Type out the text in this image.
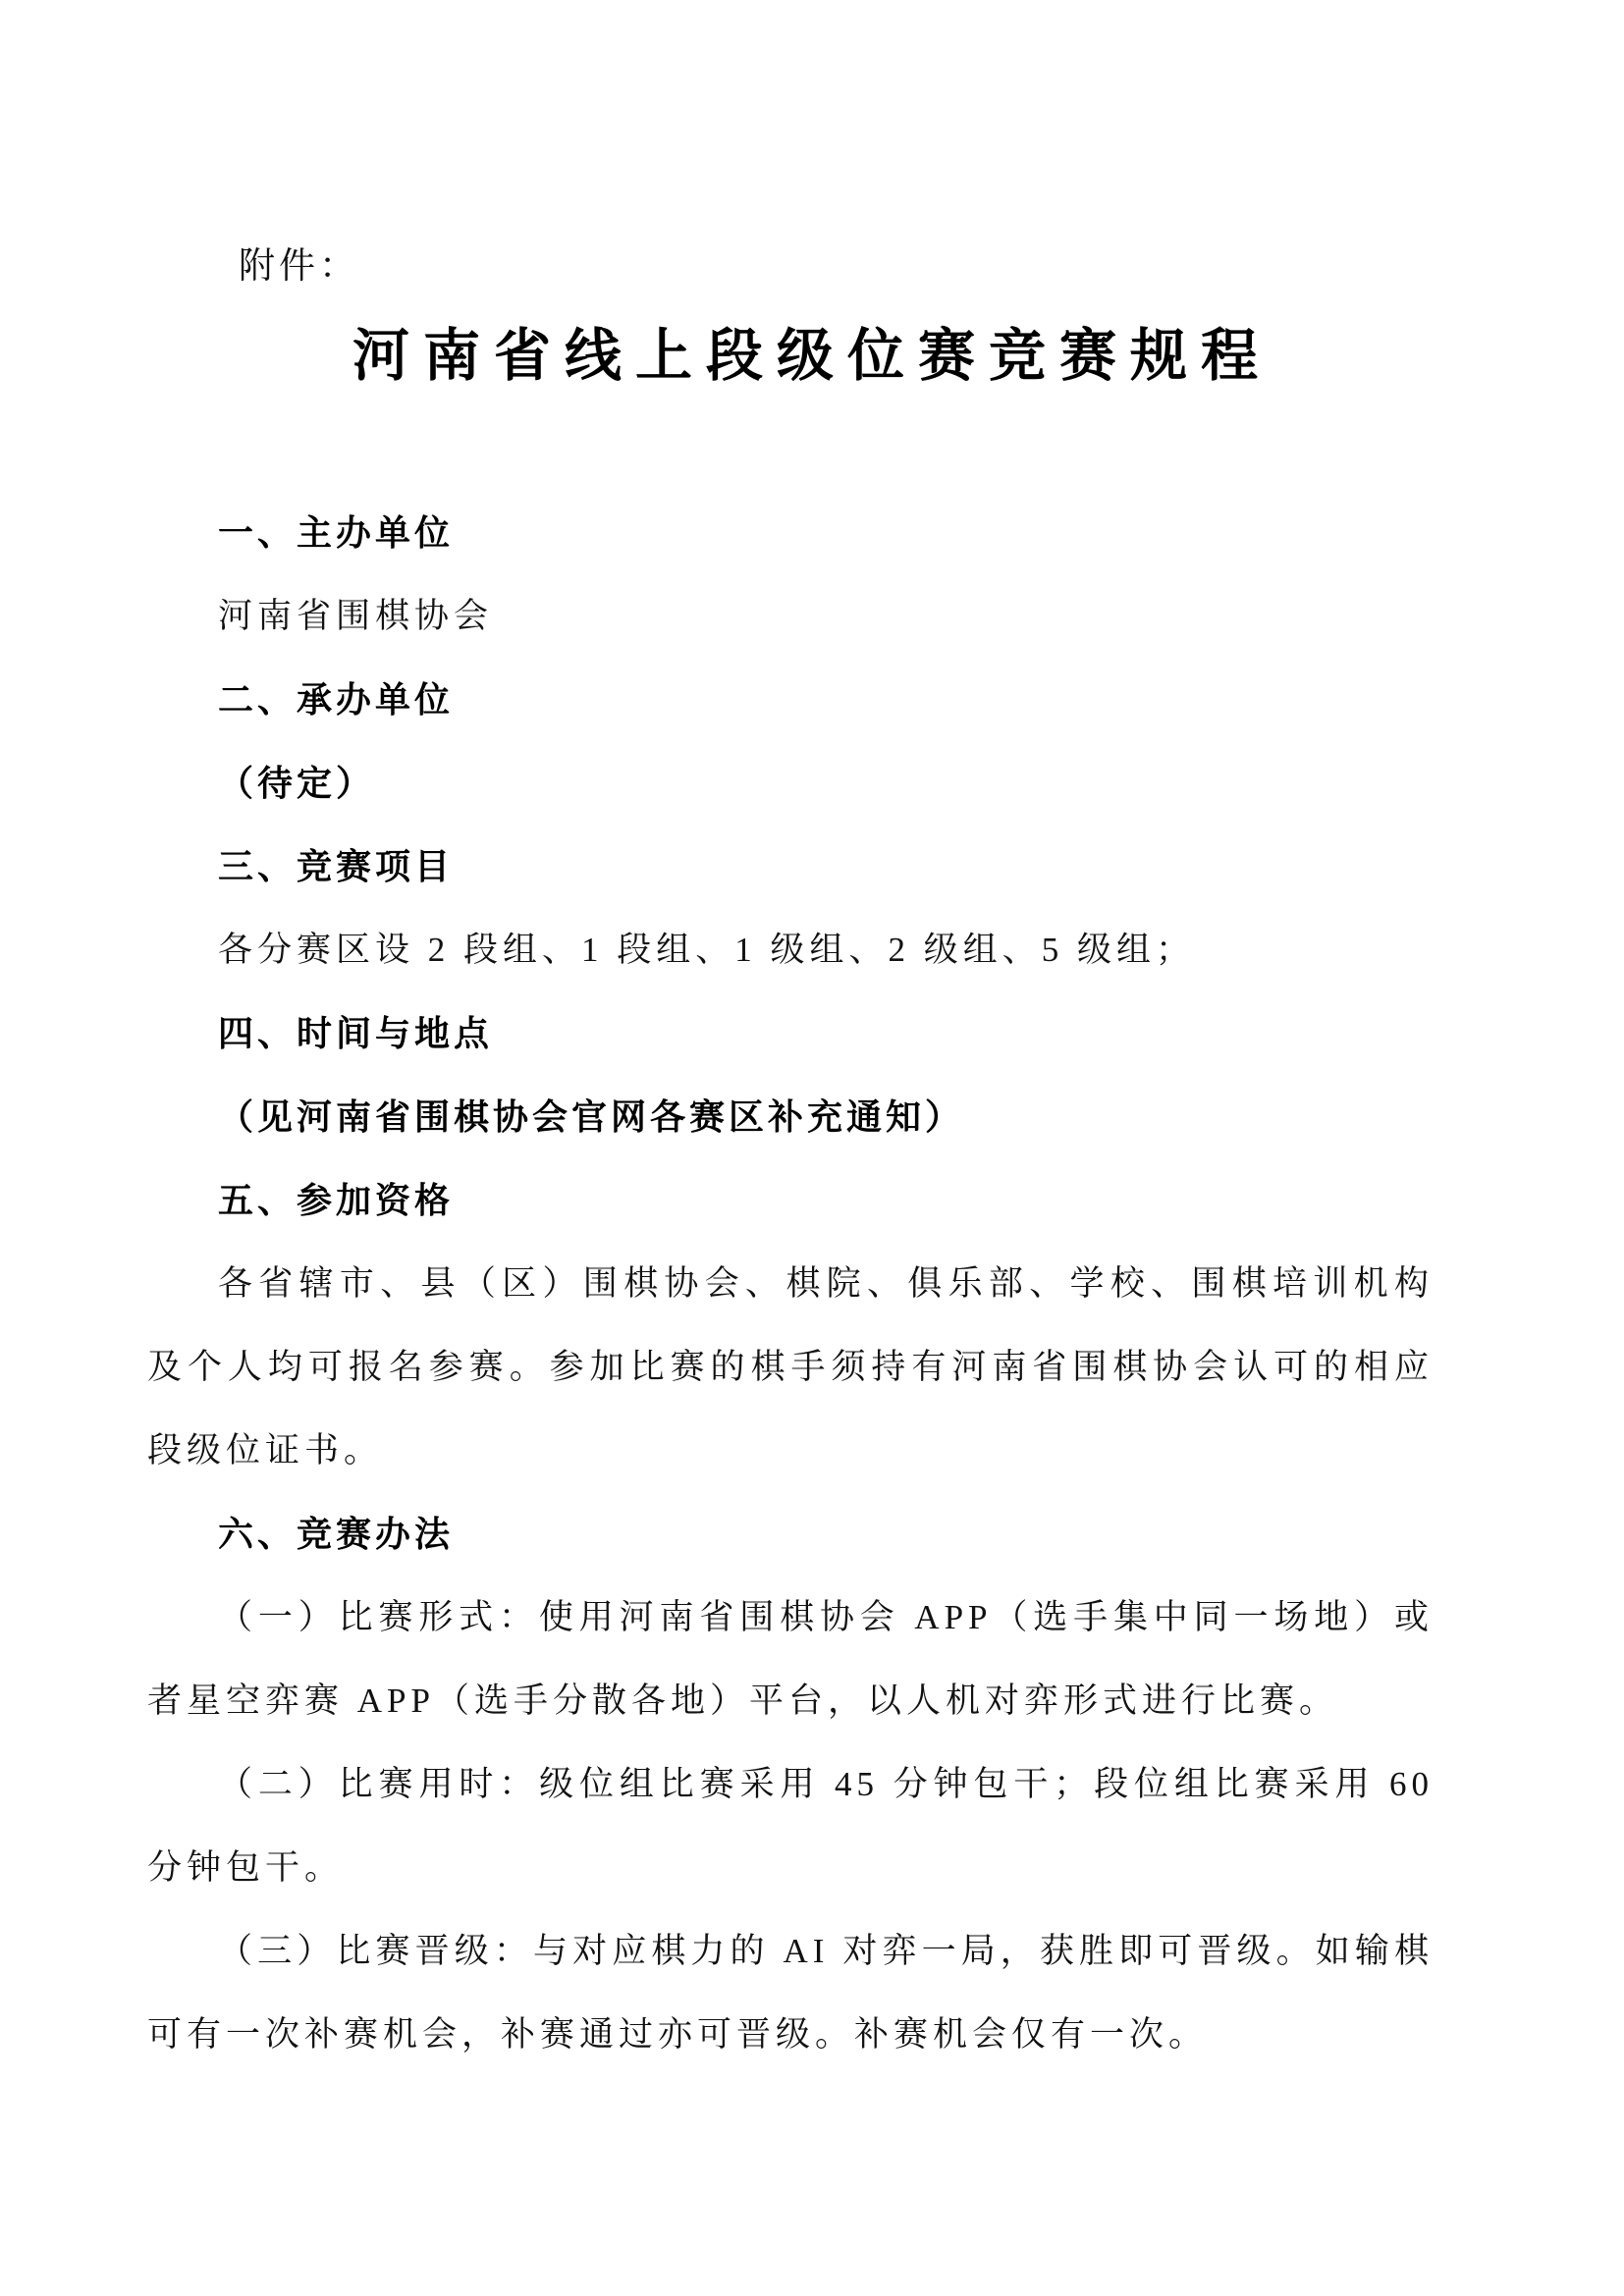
附件：
河南省线上段级位赛竞赛规程

一、主办单位

河南省围棋协会

二、承办单位

（待定）

三、竞赛项目

各分赛区设 2 段组、1 段组、1 级组、2 级组、5 级组；

四、时间与地点

（见河南省围棋协会官网各赛区补充通知）

五、参加资格

各省辖市、县（区）围棋协会、棋院、俱乐部、学校、围棋培训机构及个人均可报名参赛。参加比赛的棋手须持有河南省围棋协会认可的相应段级位证书。

六、竞赛办法

（一）比赛形式：使用河南省围棋协会 APP（选手集中同一场地）或者星空弈赛 APP（选手分散各地）平台，以人机对弈形式进行比赛。

（二）比赛用时：级位组比赛采用 45 分钟包干；段位组比赛采用 60 分钟包干。

（三）比赛晋级：与对应棋力的 AI 对弈一局，获胜即可晋级。如输棋可有一次补赛机会，补赛通过亦可晋级。补赛机会仅有一次。
